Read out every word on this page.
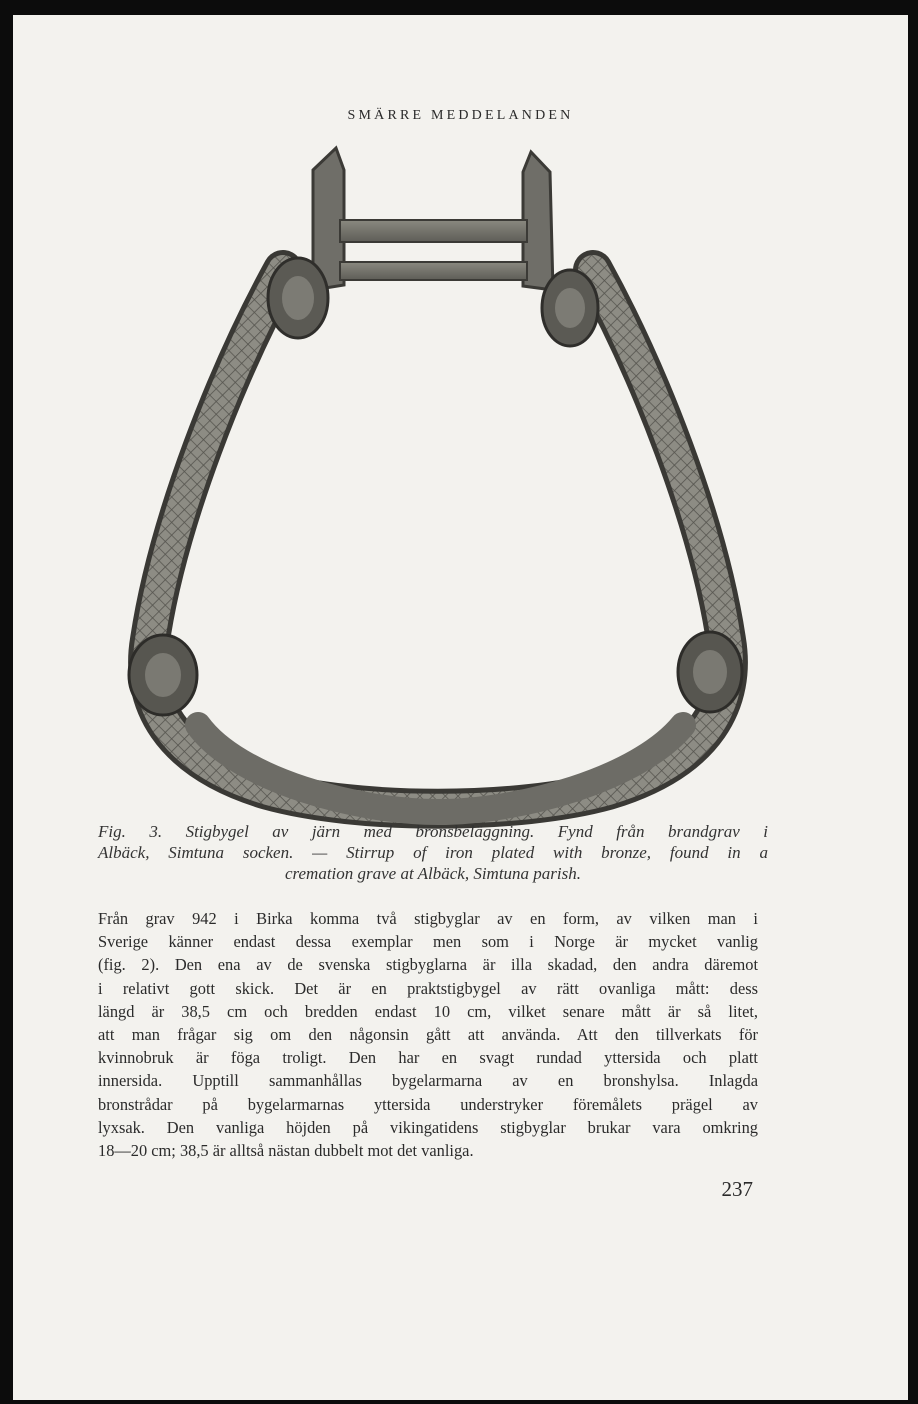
SMÄRRE MEDDELANDEN
Fig. 3. Stigbygel av järn med bronsbeläggning. Fynd från brandgrav i
Albäck, Simtuna socken. — Stirrup of iron plated with bronze, found in a
cremation grave at Albäck, Simtuna parish.
Från grav 942 i Birka komma två stigbyglar av en form, av vilken man i
Sverige känner endast dessa exemplar men som i Norge är mycket vanlig
(fig. 2). Den ena av de svenska stigbyglarna är illa skadad, den andra däremot
i relativt gott skick. Det är en praktstigbygel av rätt ovanliga mått: dess
längd är 38,5 cm och bredden endast 10 cm, vilket senare mått är så litet,
att man frågar sig om den någonsin gått att använda. Att den tillverkats för
kvinnobruk är föga troligt. Den har en svagt rundad yttersida och platt
innersida. Upptill sammanhållas bygelarmarna av en bronshylsa. Inlagda
bronstrådar på bygelarmarnas yttersida understryker föremålets prägel av
lyxsak. Den vanliga höjden på vikingatidens stigbyglar brukar vara omkring
18—20 cm; 38,5 är alltså nästan dubbelt mot det vanliga.
237
